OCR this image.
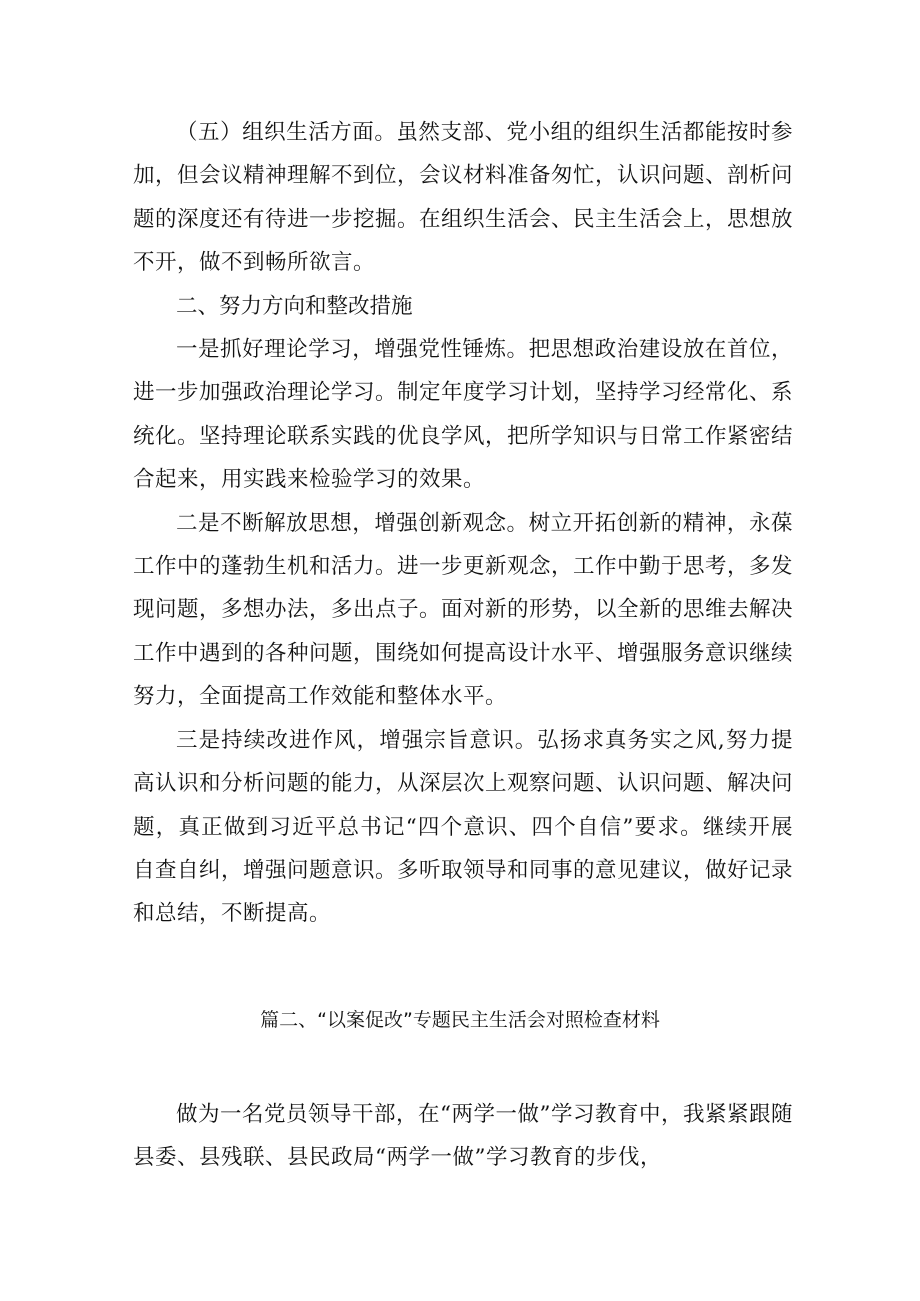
（五）组织生活方面。虽然支部、党小组的组织生活都能按时参加，但会议精神理解不到位，会议材料准备匆忙，认识问题、剖析问题的深度还有待进一步挖掘。在组织生活会、民主生活会上，思想放不开，做不到畅所欲言。

二、努力方向和整改措施

一是抓好理论学习，增强党性锤炼。把思想政治建设放在首位，进一步加强政治理论学习。制定年度学习计划，坚持学习经常化、系统化。坚持理论联系实践的优良学风，把所学知识与日常工作紧密结合起来，用实践来检验学习的效果。

二是不断解放思想，增强创新观念。树立开拓创新的精神，永葆工作中的蓬勃生机和活力。进一步更新观念，工作中勤于思考，多发现问题，多想办法，多出点子。面对新的形势，以全新的思维去解决工作中遇到的各种问题，围绕如何提高设计水平、增强服务意识继续努力，全面提高工作效能和整体水平。

三是持续改进作风，增强宗旨意识。弘扬求真务实之风,努力提高认识和分析问题的能力，从深层次上观察问题、认识问题、解决问题，真正做到习近平总书记“四个意识、四个自信”要求。继续开展自查自纠，增强问题意识。多听取领导和同事的意见建议，做好记录和总结，不断提高。

篇二、“以案促改”专题民主生活会对照检查材料

做为一名党员领导干部，在“两学一做”学习教育中，我紧紧跟随县委、县残联、县民政局“两学一做”学习教育的步伐，
